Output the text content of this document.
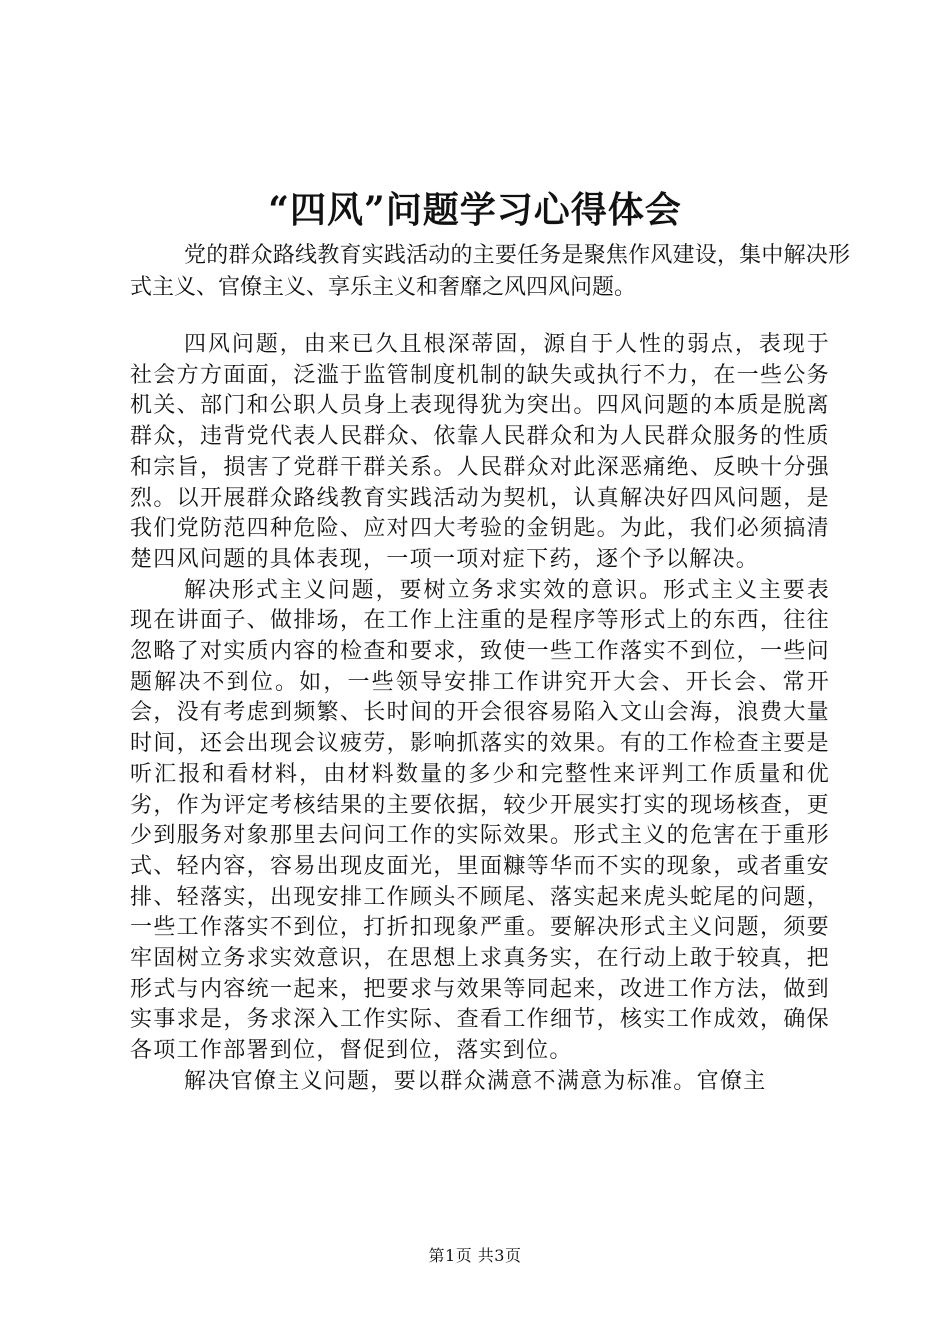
“四风”问题学习心得体会

党的群众路线教育实践活动的主要任务是聚焦作风建设，集中解决形式主义、官僚主义、享乐主义和奢靡之风四风问题。

四风问题，由来已久且根深蒂固，源自于人性的弱点，表现于社会方方面面，泛滥于监管制度机制的缺失或执行不力，在一些公务机关、部门和公职人员身上表现得犹为突出。四风问题的本质是脱离群众，违背党代表人民群众、依靠人民群众和为人民群众服务的性质和宗旨，损害了党群干群关系。人民群众对此深恶痛绝、反映十分强烈。以开展群众路线教育实践活动为契机，认真解决好四风问题，是我们党防范四种危险、应对四大考验的金钥匙。为此，我们必须搞清楚四风问题的具体表现，一项一项对症下药，逐个予以解决。

解决形式主义问题，要树立务求实效的意识。形式主义主要表现在讲面子、做排场，在工作上注重的是程序等形式上的东西，往往忽略了对实质内容的检查和要求，致使一些工作落实不到位，一些问题解决不到位。如，一些领导安排工作讲究开大会、开长会、常开会，没有考虑到频繁、长时间的开会很容易陷入文山会海，浪费大量时间，还会出现会议疲劳，影响抓落实的效果。有的工作检查主要是听汇报和看材料，由材料数量的多少和完整性来评判工作质量和优劣，作为评定考核结果的主要依据，较少开展实打实的现场核查，更少到服务对象那里去问问工作的实际效果。形式主义的危害在于重形式、轻内容，容易出现皮面光，里面糠等华而不实的现象，或者重安排、轻落实，出现安排工作顾头不顾尾、落实起来虎头蛇尾的问题，一些工作落实不到位，打折扣现象严重。要解决形式主义问题，须要牢固树立务求实效意识，在思想上求真务实，在行动上敢于较真，把形式与内容统一起来，把要求与效果等同起来，改进工作方法，做到实事求是，务求深入工作实际、查看工作细节，核实工作成效，确保各项工作部署到位，督促到位，落实到位。

解决官僚主义问题，要以群众满意不满意为标准。官僚主

第1页 共3页
